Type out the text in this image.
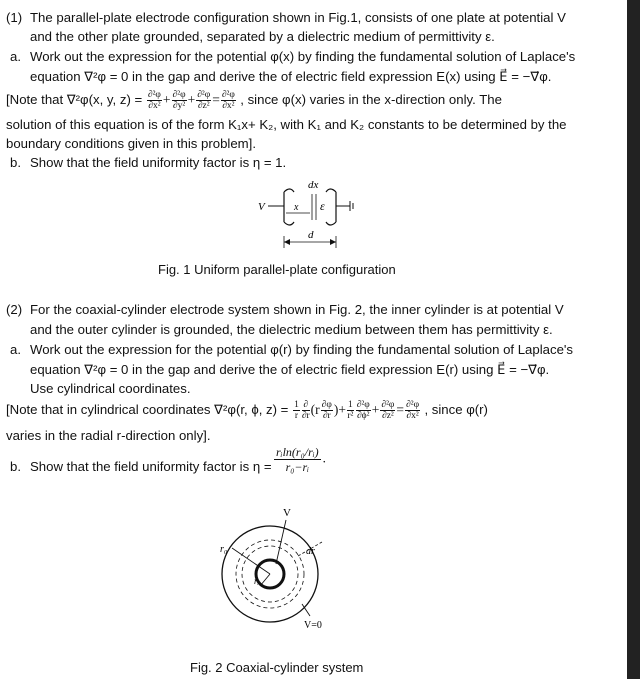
(1) The parallel-plate electrode configuration shown in Fig.1, consists of one plate at potential V
and the other plate grounded, separated by a dielectric medium of permittivity ε.
a. Work out the expression for the potential φ(x) by finding the fundamental solution of Laplace's
equation ∇²φ = 0 in the gap and derive the of electric field expression E(x) using E⃗ = −∇⃗φ.
[Note that ∇²φ(x, y, $z) = \frac{\text{∂²φ}}{\text{∂x²}} + \frac{\text{∂²φ}}{\text{∂y²}} + \frac{\text{∂²φ}}{\text{∂z²}} = \frac{\text{∂²φ}}{\text{∂x²}}$ , since φ(x) varies in the x-direction only. The
solution of this equation is of the form K₁x+ K₂, with K₁ and K₂ constants to be determined by the
boundary conditions given in this problem].
b. Show that the field uniformity factor is η = 1.
V
dx
x ε
d
Fig. 1 Uniform parallel-plate configuration
(2) For the coaxial-cylinder electrode system shown in Fig. 2, the inner cylinder is at potential V
and the outer cylinder is grounded, the dielectric medium between them has permittivity ε.
a. Work out the expression for the potential φ(r) by finding the fundamental solution of Laplace's
equation ∇²φ = 0 in the gap and derive the of electric field expression E(r) using E⃗ = −∇⃗φ.
Use cylindrical coordinates.
[Note that in cylindrical coordinates ∇²φ(r, ϕ, $z) = \frac{1}{r} \frac{\partial}{\partial r} (r \frac{\partial\varphi}{\partial r}$ )+ $\frac{1}{\text{r²}} \frac{\text{∂²φ}}{\text{∂ϕ²}} + \frac{\text{∂²φ}}{\text{∂z²}} = \frac{\text{∂²φ}}{\text{∂x²}}$ , since φ(r)
varies in the radial r-direction only].
b. Show that the field uniformity factor is $\eta = \frac{\text{rᵢln(r₀/rᵢ)}}{\text{r₀−rᵢ}}$ .
V
r₀
rᵢ
dr
V=0
Fig. 2 Coaxial-cylinder system
